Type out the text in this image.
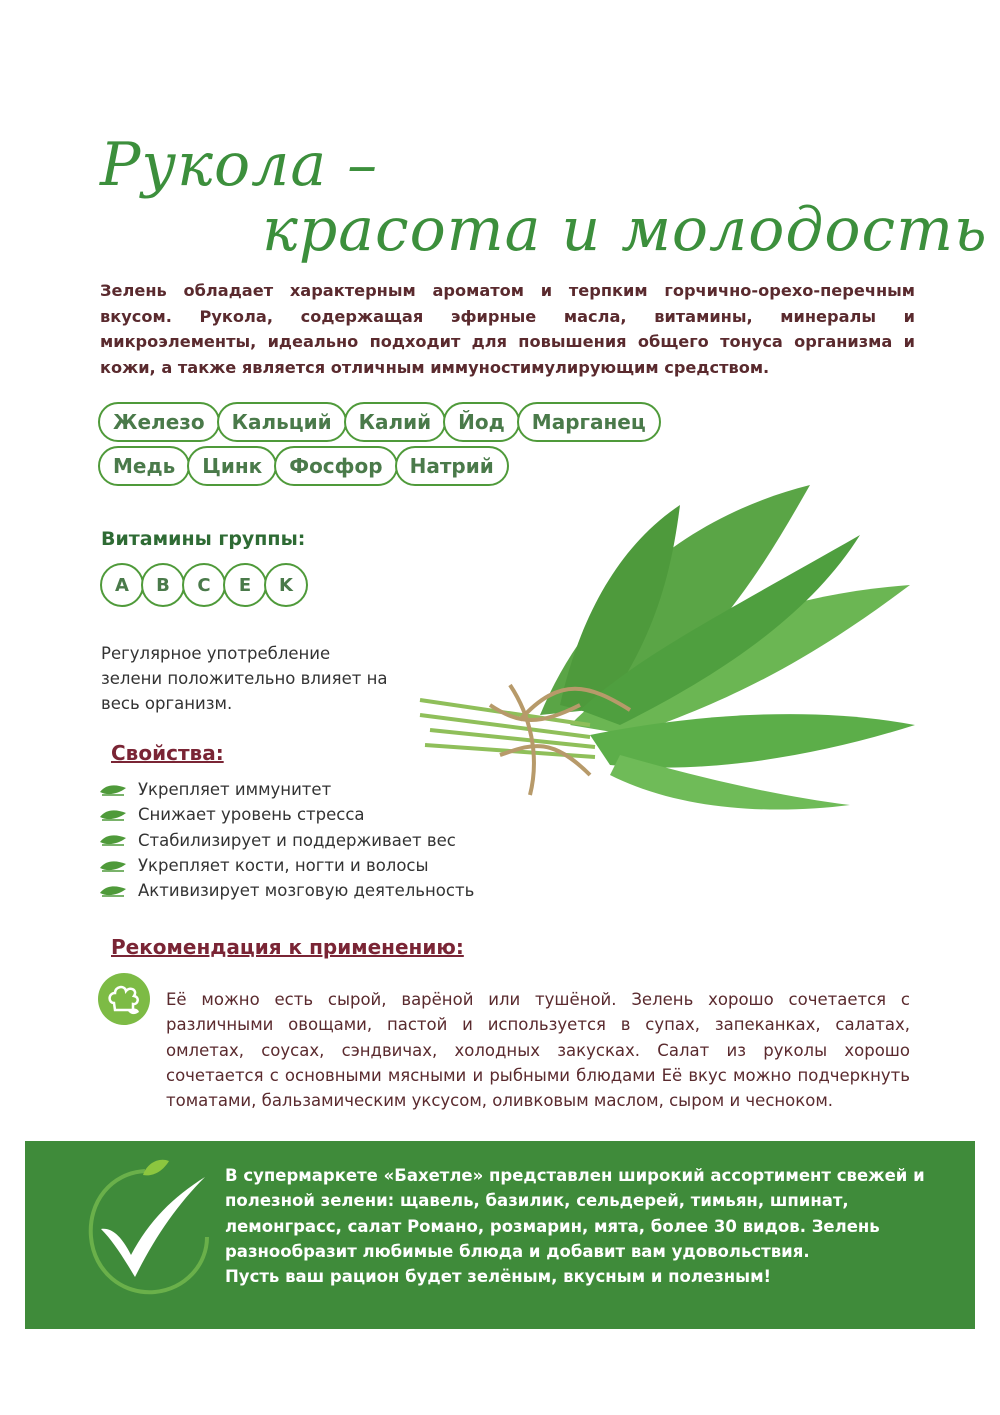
Рукола –
красота и молодость

Зелень обладает характерным ароматом и терпким горчично-орехо-перечным вкусом. Рукола, содержащая эфирные масла, витамины, минералы и микроэлементы, идеально подходит для повышения общего тонуса организма и кожи, а также является отличным иммуностимулирующим средством.

Железо	Кальций	Калий	Йод	Марганец
Медь	Цинк	Фосфор	Натрий
Витамины группы:
A	B	C	E	K

Регулярное употребление зелени положительно влияет на весь организм.

Свойства:
Укрепляет иммунитет
Снижает уровень стресса
Стабилизирует и поддерживает вес
Укрепляет кости, ногти и волосы
Активизирует мозговую деятельность
Рекомендация к применению:

Её можно есть сырой, варёной или тушёной. Зелень хорошо сочетается с различными овощами, пастой и используется в супах, запеканках, салатах, омлетах, соусах, сэндвичах, холодных закусках. Салат из руколы хорошо сочетается с основными мясными и рыбными блюдами Её вкус можно подчеркнуть томатами, бальзамическим уксусом, оливковым маслом, сыром и чесноком.

В супермаркете «Бахетле» представлен широкий ассортимент свежей и
полезной зелени: щавель, базилик, сельдерей, тимьян, шпинат,
лемонграсс, салат Романо, розмарин, мята, более 30 видов. Зелень
разнообразит любимые блюда и добавит вам удовольствия.
Пусть ваш рацион будет зелёным, вкусным и полезным!
